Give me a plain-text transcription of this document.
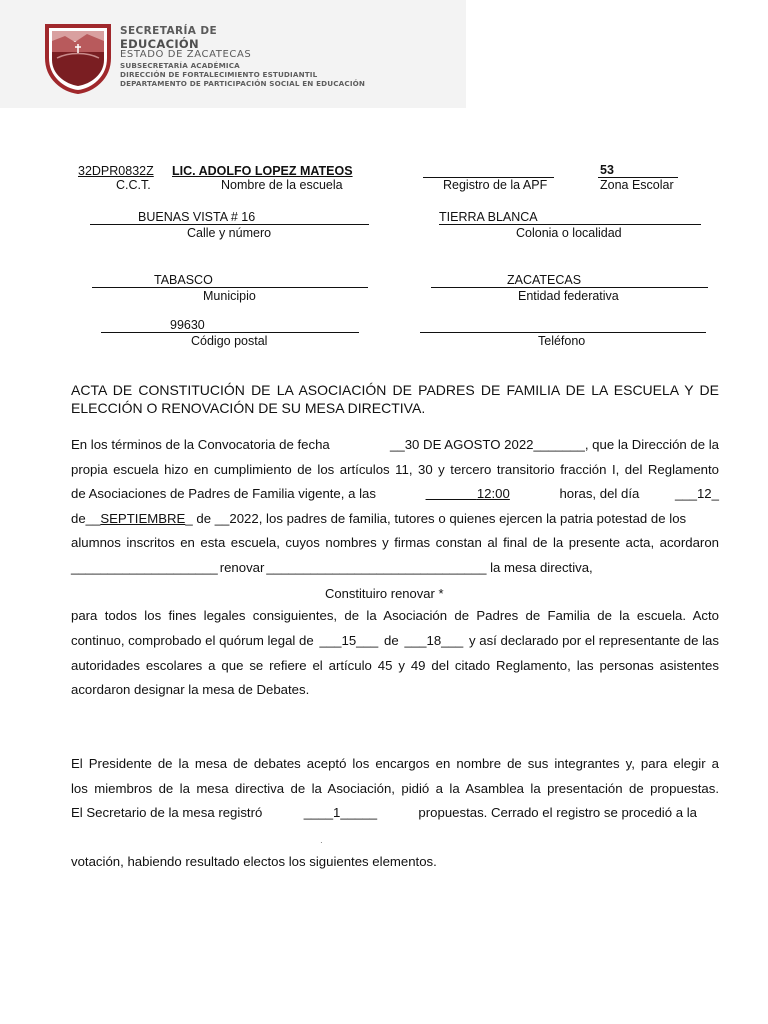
SECRETARÍA DE
EDUCACIÓN
ESTADO DE ZACATECAS
SUBSECRETARÍA ACADÉMICA
DIRECCIÓN DE FORTALECIMIENTO ESTUDIANTIL
DEPARTAMENTO DE PARTICIPACIÓN SOCIAL EN EDUCACIÓN
32DPR0832Z
C.C.T.
LIC. ADOLFO LOPEZ MATEOS
Nombre de la escuela	Registro de la APF
53
Zona Escolar
BUENAS VISTA # 16
Calle y número
TIERRA BLANCA
Colonia o localidad
TABASCO
Municipio
ZACATECAS
Entidad federativa
99630
Código postal	Teléfono
ACTA DE CONSTITUCIÓN DE LA ASOCIACIÓN DE PADRES DE FAMILIA DE LA ESCUELA Y DE
ELECCIÓN O RENOVACIÓN DE SU MESA DIRECTIVA.
En los términos de la Convocatoria de fecha	__30 DE AGOSTO 2022_______, que la Dirección de la
propia escuela hizo en cumplimiento de los artículos 11, 30 y tercero transitorio fracción I, del Reglamento
de Asociaciones de Padres de Familia vigente, a las	12:00	horas, del día	___12_
de__SEPTIEMBRE_ de __2022, los padres de familia, tutores o quienes ejercen la patria potestad de los
alumnos inscritos en esta escuela, cuyos nombres y firmas constan al final de la presente acta, acordaron
____________________ renovar ______________________________ la mesa directiva,
Constituiro renovar *
para todos los fines legales consiguientes, de la Asociación de Padres de Familia de la escuela. Acto
continuo, comprobado el quórum legal de ___15___ de ___18___ y así declarado por el representante de las
autoridades escolares a que se refiere el artículo 45 y 49 del citado Reglamento, las personas asistentes
acordaron designar la mesa de Debates.
El Presidente de la mesa de debates aceptó los encargos en nombre de sus integrantes y, para elegir a
los miembros de la mesa directiva de la Asociación, pidió a la Asamblea la presentación de propuestas.
El Secretario de la mesa registró	____1_____	propuestas. Cerrado el registro se procedió a la
·
votación, habiendo resultado electos los siguientes elementos.
